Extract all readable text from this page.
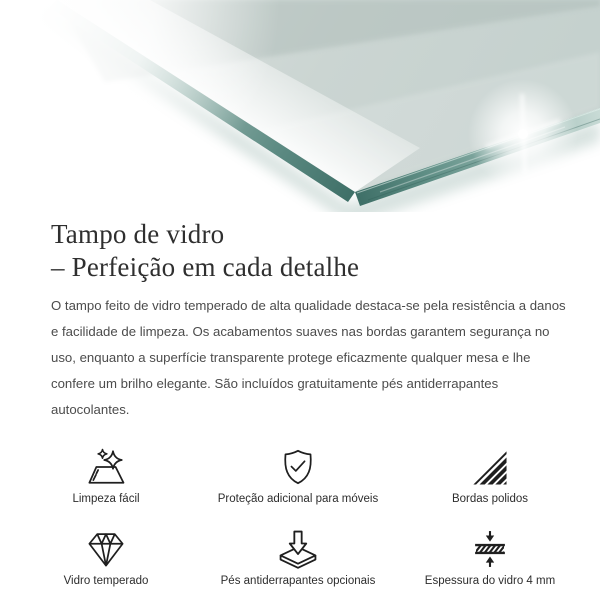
Tampo de vidro
– Perfeição em cada detalhe

O tampo feito de vidro temperado de alta qualidade destaca-se pela resistência a danos e facilidade de limpeza. Os acabamentos suaves nas bordas garantem segurança no uso, enquanto a superfície transparente protege eficazmente qualquer mesa e lhe confere um brilho elegante. São incluídos gratuitamente pés antiderrapantes autocolantes.

Limpeza fácil	Proteção adicional para móveis	Bordas polidos
Vidro temperado	Pés antiderrapantes opcionais	Espessura do vidro 4 mm
